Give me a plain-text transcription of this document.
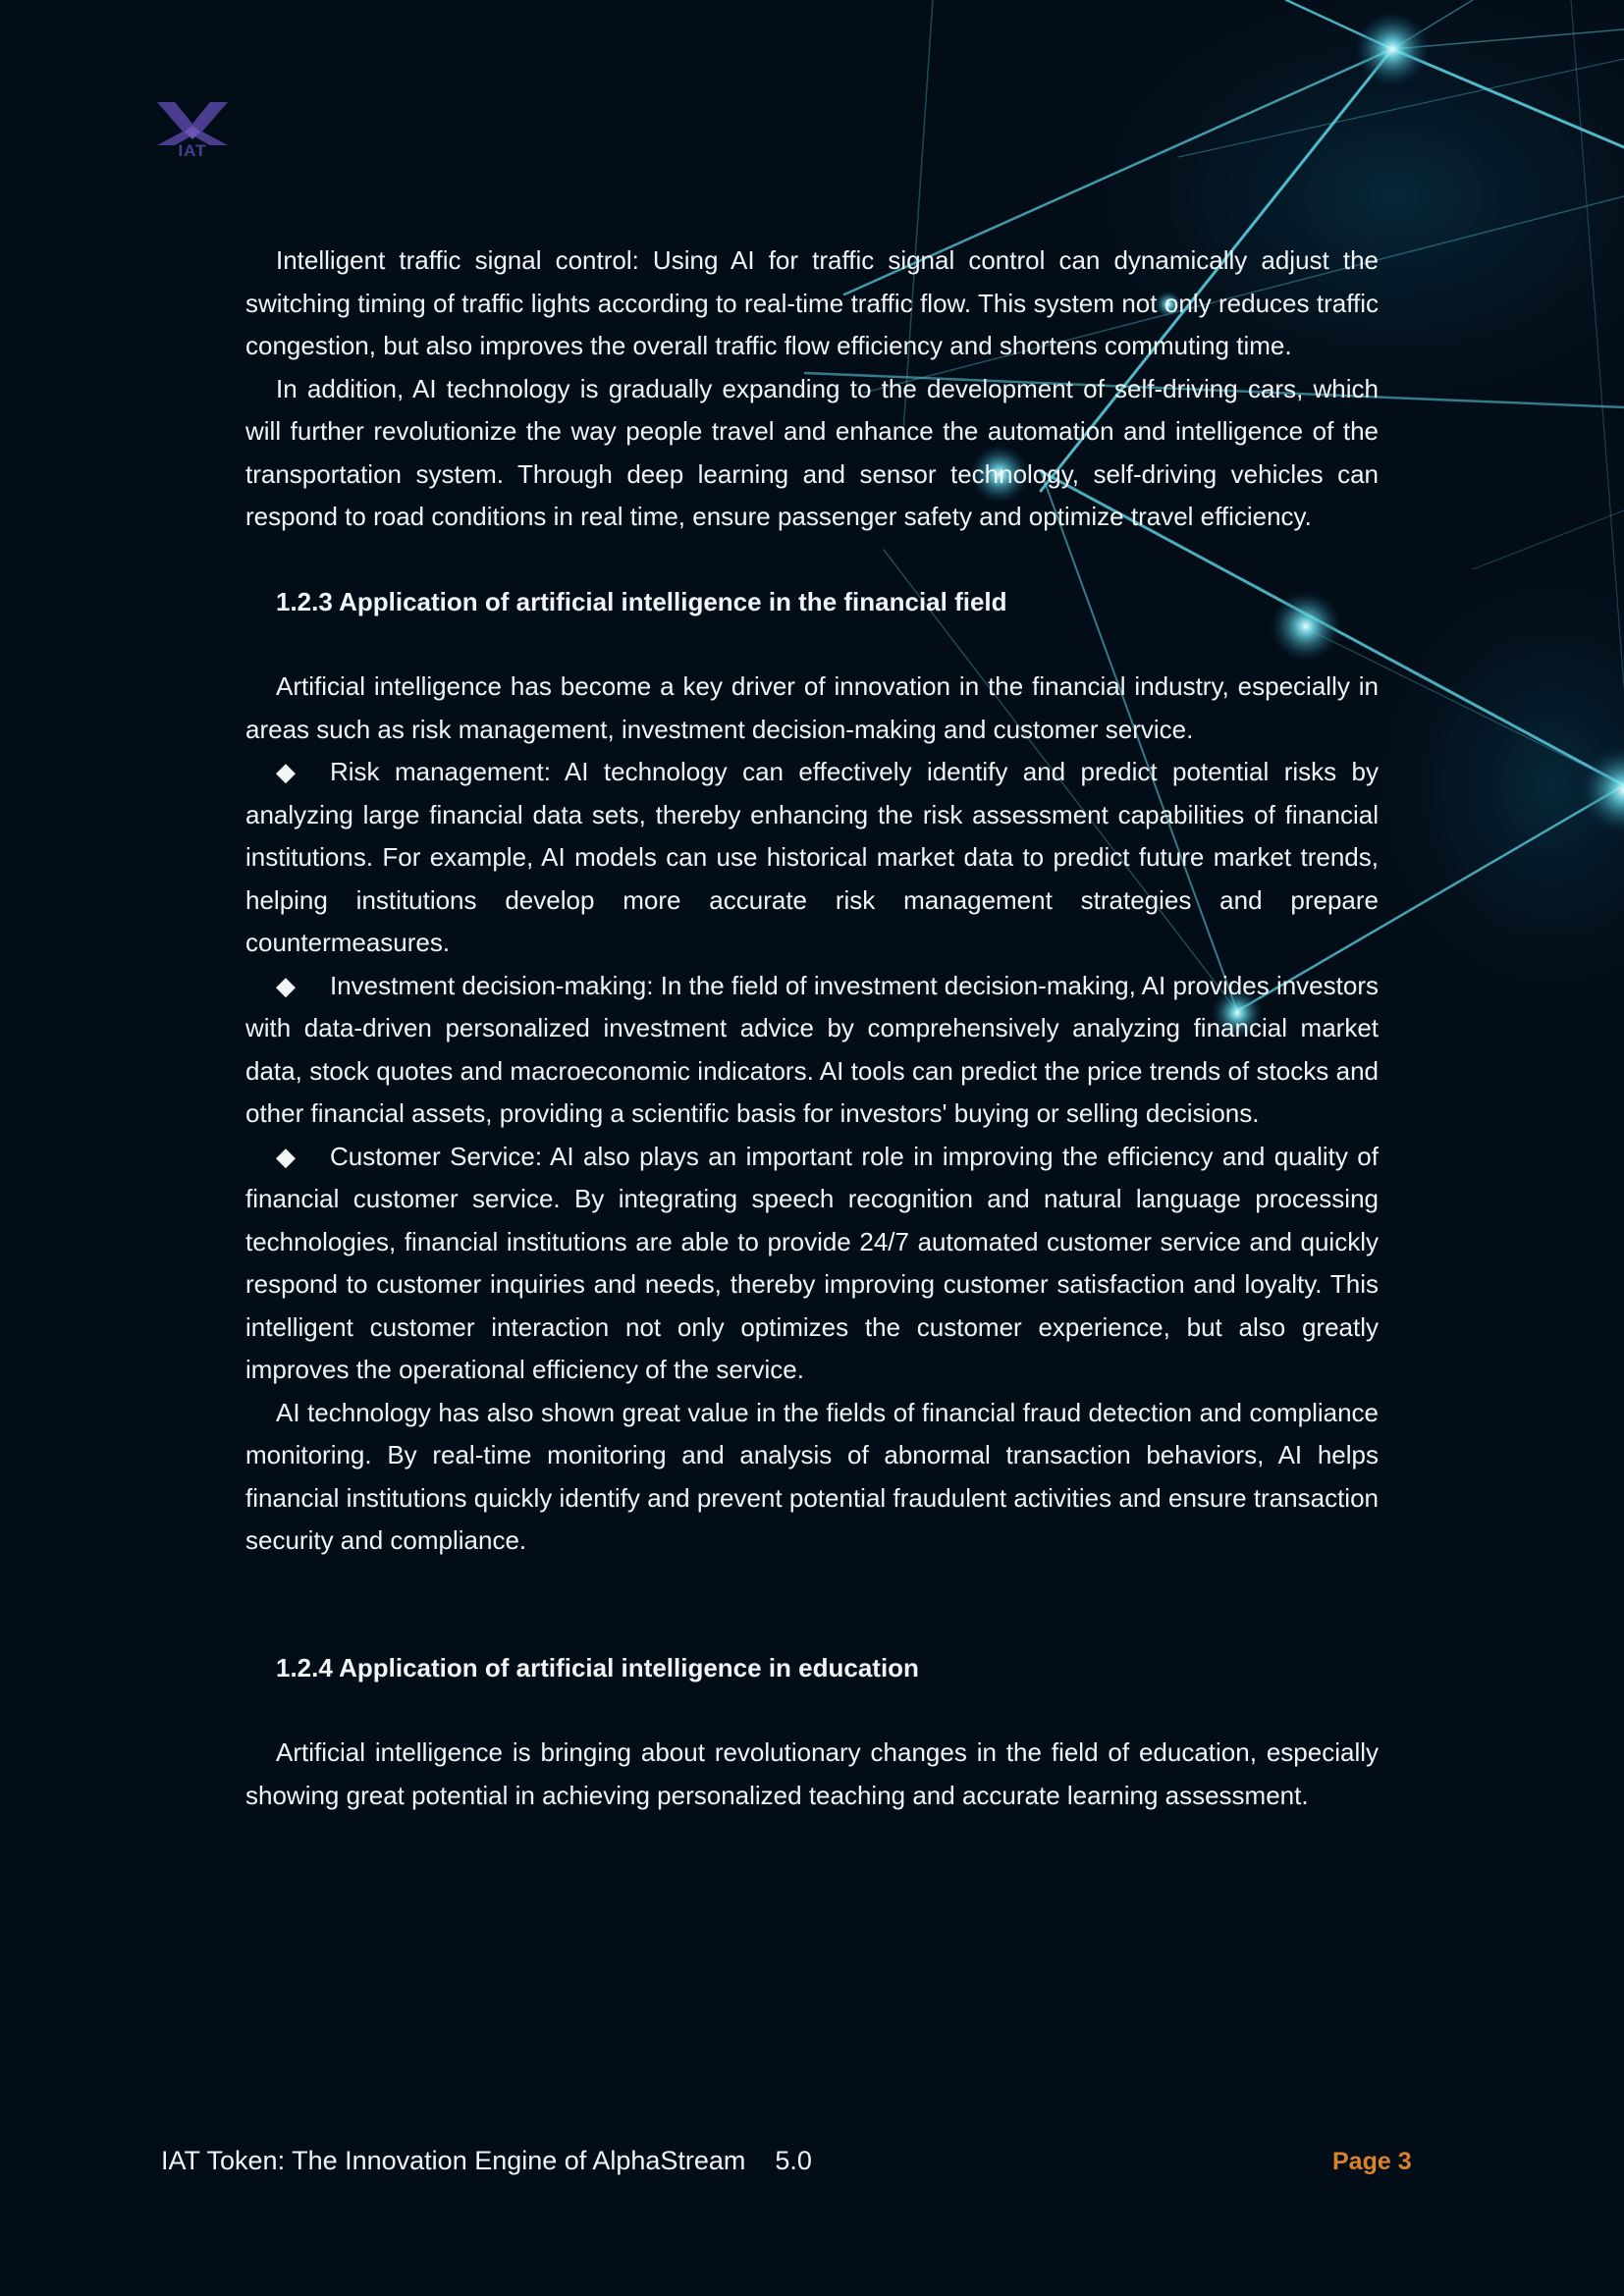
IAT

Intelligent traffic signal control: Using AI for traffic signal control can dynamically adjust the switching timing of traffic lights according to real-time traffic flow. This system not only reduces traffic congestion, but also improves the overall traffic flow efficiency and shortens commuting time.

In addition, AI technology is gradually expanding to the development of self-driving cars, which will further revolutionize the way people travel and enhance the automation and intelligence of the transportation system. Through deep learning and sensor technology, self-driving vehicles can respond to road conditions in real time, ensure passenger safety and optimize travel efficiency.

1.2.3 Application of artificial intelligence in the financial field

Artificial intelligence has become a key driver of innovation in the financial industry, especially in areas such as risk management, investment decision-making and customer service.

◆ Risk management: AI technology can effectively identify and predict potential risks by analyzing large financial data sets, thereby enhancing the risk assessment capabilities of financial institutions. For example, AI models can use historical market data to predict future market trends, helping institutions develop more accurate risk management strategies and prepare countermeasures.

◆ Investment decision-making: In the field of investment decision-making, AI provides investors with data-driven personalized investment advice by comprehensively analyzing financial market data, stock quotes and macroeconomic indicators. AI tools can predict the price trends of stocks and other financial assets, providing a scientific basis for investors' buying or selling decisions.

◆ Customer Service: AI also plays an important role in improving the efficiency and quality of financial customer service. By integrating speech recognition and natural language processing technologies, financial institutions are able to provide 24/7 automated customer service and quickly respond to customer inquiries and needs, thereby improving customer satisfaction and loyalty. This intelligent customer interaction not only optimizes the customer experience, but also greatly improves the operational efficiency of the service.

AI technology has also shown great value in the fields of financial fraud detection and compliance monitoring. By real-time monitoring and analysis of abnormal transaction behaviors, AI helps financial institutions quickly identify and prevent potential fraudulent activities and ensure transaction security and compliance.

1.2.4 Application of artificial intelligence in education

Artificial intelligence is bringing about revolutionary changes in the field of education, especially showing great potential in achieving personalized teaching and accurate learning assessment.

IAT Token: The Innovation Engine of AlphaStream    5.0	Page 3
